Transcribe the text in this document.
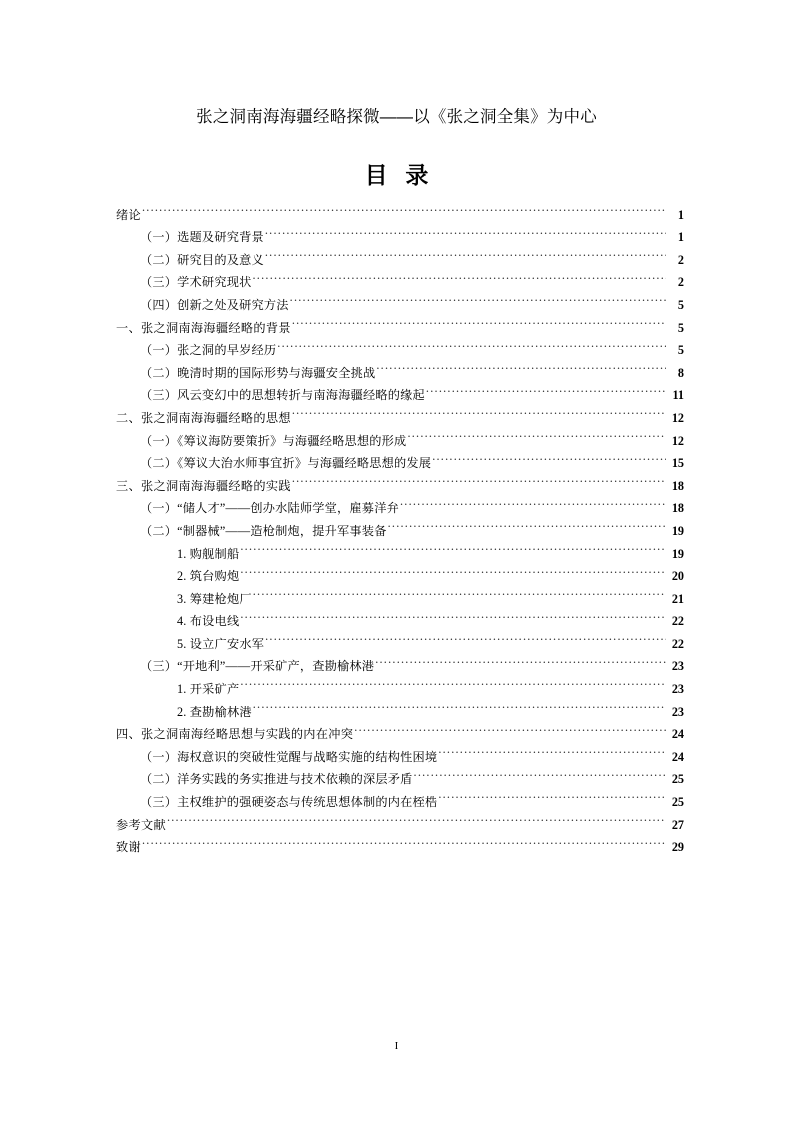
张之洞南海海疆经略探微——以《张之洞全集》为中心
目 录
绪论 .....	1
（一）选题及研究背景 .....	1
（二）研究目的及意义 .....	2
（三）学术研究现状 .....	2
（四）创新之处及研究方法 .....	5
一、张之洞南海海疆经略的背景 .....	5
（一）张之洞的早岁经历 .....	5
（二）晚清时期的国际形势与海疆安全挑战 .....	8
（三）风云变幻中的思想转折与南海海疆经略的缘起 .....	11
二、张之洞南海海疆经略的思想 .....	12
（一）《筹议海防要策折》与海疆经略思想的形成 .....	12
（二）《筹议大治水师事宜折》与海疆经略思想的发展 .....	15
三、张之洞南海海疆经略的实践 .....	18
（一）“储人才”——创办水陆师学堂，雇募洋弁 .....	18
（二）“制器械”——造枪制炮，提升军事装备 .....	19
1. 购舰制船 .....	19
2. 筑台购炮 .....	20
3. 筹建枪炮厂 .....	21
4. 布设电线 .....	22
5. 设立广安水军 .....	22
（三）“开地利”——开采矿产，查勘榆林港 .....	23
1. 开采矿产 .....	23
2. 查勘榆林港 .....	23
四、张之洞南海经略思想与实践的内在冲突 .....	24
（一）海权意识的突破性觉醒与战略实施的结构性困境 .....	24
（二）洋务实践的务实推进与技术依赖的深层矛盾 .....	25
（三）主权维护的强硬姿态与传统思想体制的内在桎梏 .....	25
参考文献 .....	27
致谢 .....	29
I
